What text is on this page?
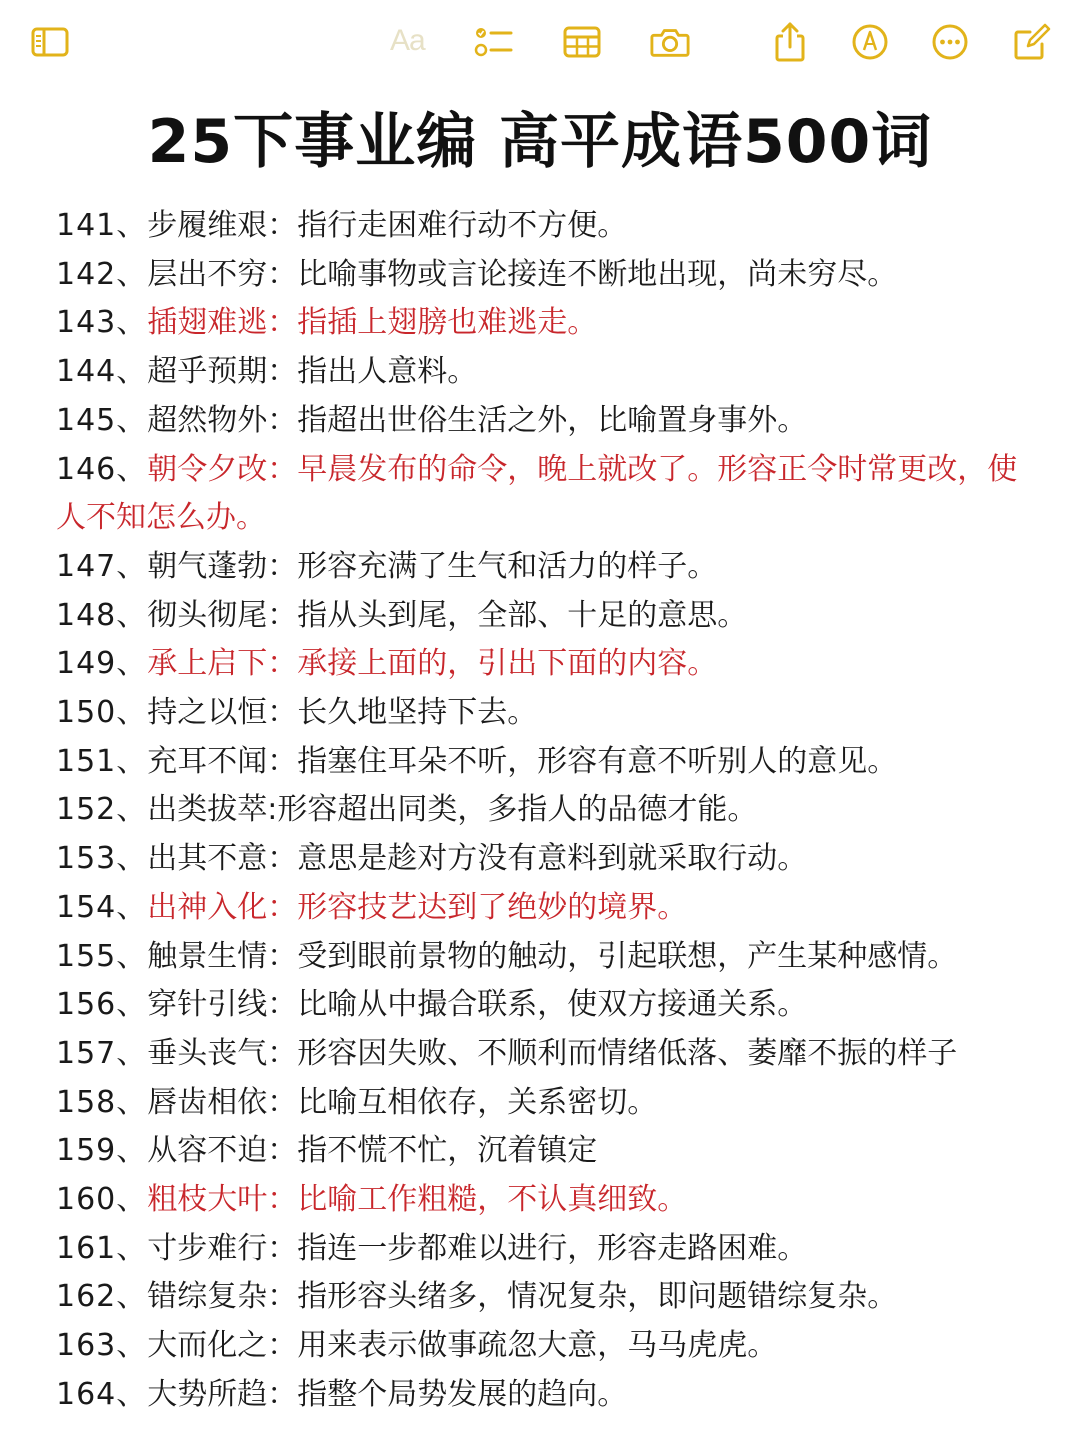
Aa
25下事业编 高平成语500词

141、步履维艰：指行走困难行动不方便。

142、层出不穷：比喻事物或言论接连不断地出现，尚未穷尽。

143、插翅难逃：指插上翅膀也难逃走。

144、超乎预期：指出人意料。

145、超然物外：指超出世俗生活之外，比喻置身事外。

146、朝令夕改：早晨发布的命令，晚上就改了。形容正令时常更改，使人不知怎么办。

147、朝气蓬勃：形容充满了生气和活力的样子。

148、彻头彻尾：指从头到尾，全部、十足的意思。

149、承上启下：承接上面的，引出下面的内容。

150、持之以恒：长久地坚持下去。

151、充耳不闻：指塞住耳朵不听，形容有意不听别人的意见。

152、出类拔萃:形容超出同类，多指人的品德才能。

153、出其不意：意思是趁对方没有意料到就采取行动。

154、出神入化：形容技艺达到了绝妙的境界。

155、触景生情：受到眼前景物的触动，引起联想，产生某种感情。

156、穿针引线：比喻从中撮合联系，使双方接通关系。

157、垂头丧气：形容因失败、不顺利而情绪低落、萎靡不振的样子

158、唇齿相依：比喻互相依存，关系密切。

159、从容不迫：指不慌不忙，沉着镇定

160、粗枝大叶：比喻工作粗糙，不认真细致。

161、寸步难行：指连一步都难以进行，形容走路困难。

162、错综复杂：指形容头绪多，情况复杂，即问题错综复杂。

163、大而化之：用来表示做事疏忽大意，马马虎虎。

164、大势所趋：指整个局势发展的趋向。
